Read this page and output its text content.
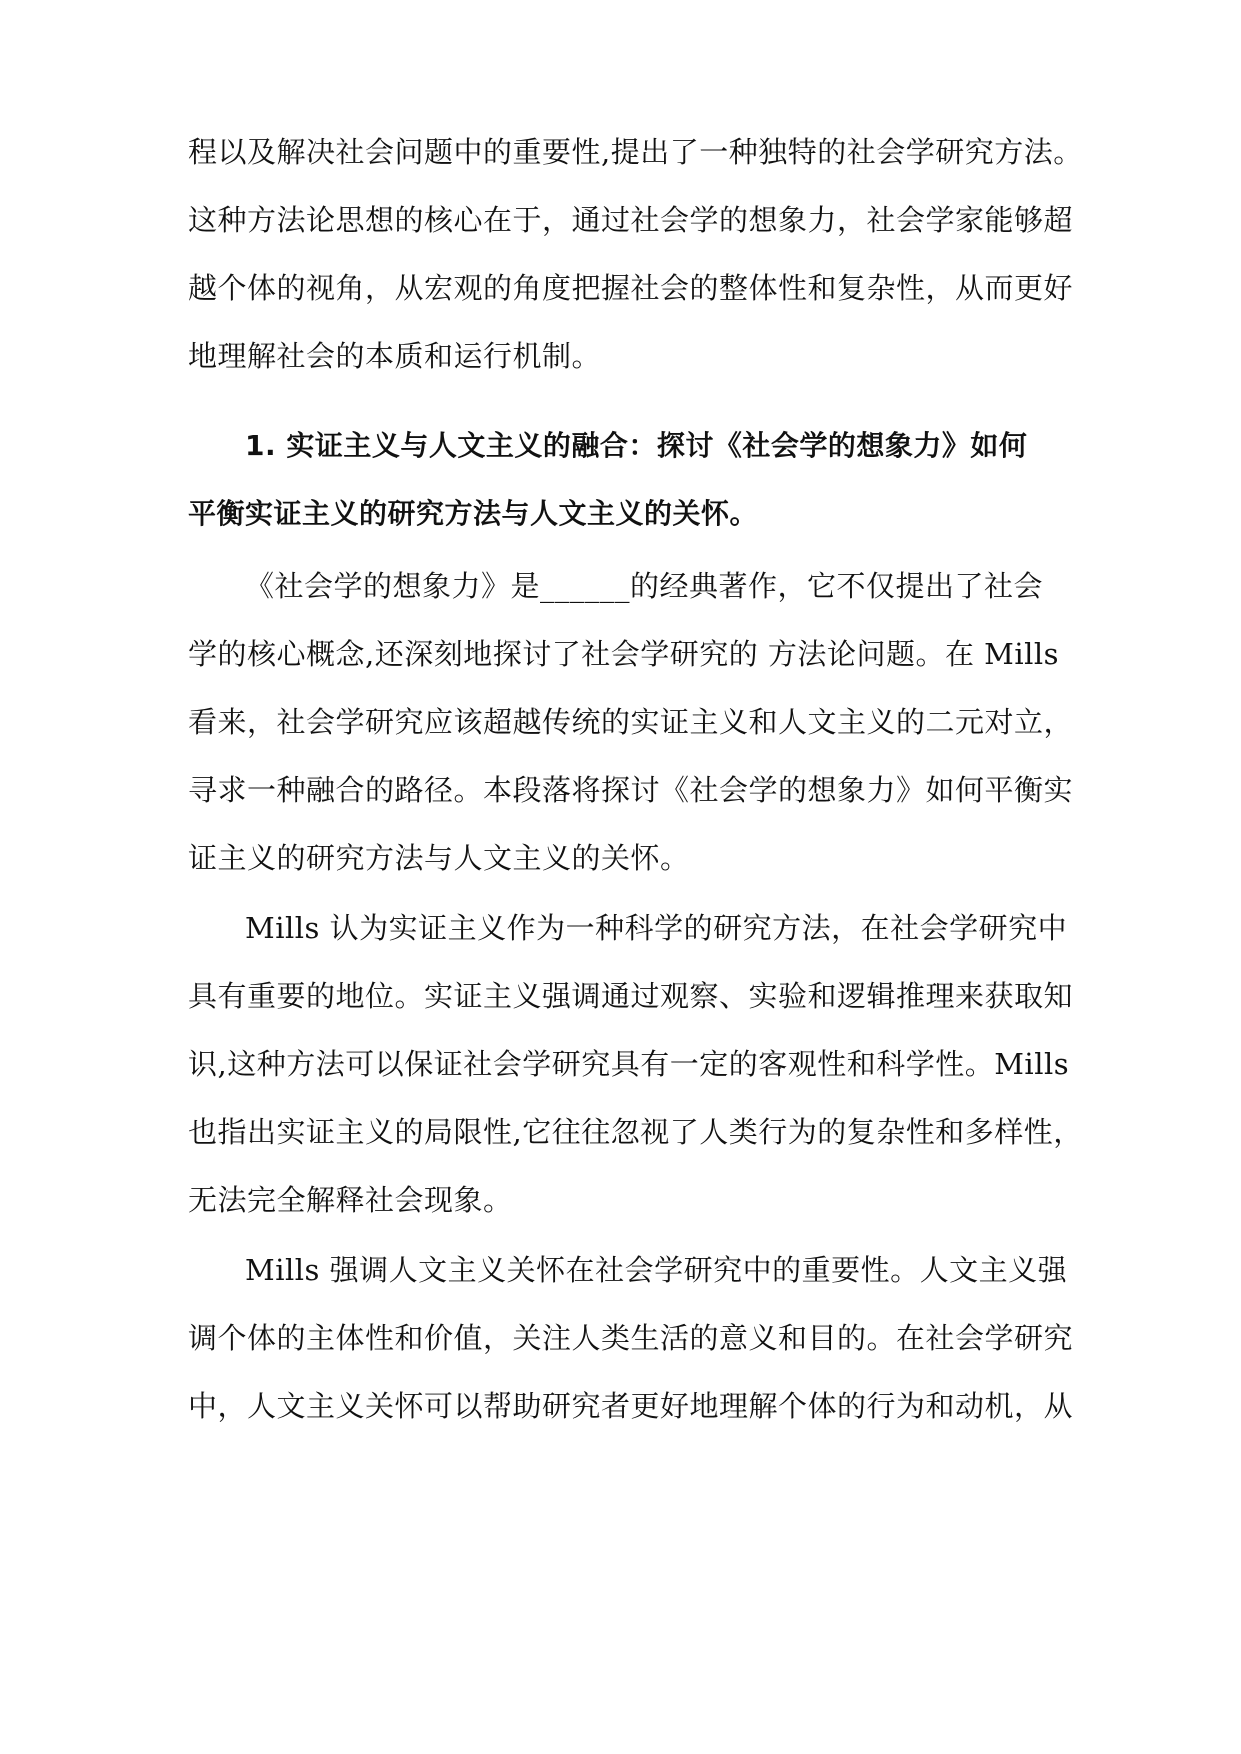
程以及解决社会问题中的重要性,提出了一种独特的社会学研究方法。
这种方法论思想的核心在于，通过社会学的想象力，社会学家能够超
越个体的视角，从宏观的角度把握社会的整体性和复杂性，从而更好
地理解社会的本质和运行机制。
1. 实证主义与人文主义的融合：探讨《社会学的想象力》如何
平衡实证主义的研究方法与人文主义的关怀。
《社会学的想象力》是______的经典著作，它不仅提出了社会
学的核心概念,还深刻地探讨了社会学研究的 方法论问题。在 Mills
看来，社会学研究应该超越传统的实证主义和人文主义的二元对立，
寻求一种融合的路径。本段落将探讨《社会学的想象力》如何平衡实
证主义的研究方法与人文主义的关怀。
Mills 认为实证主义作为一种科学的研究方法，在社会学研究中
具有重要的地位。实证主义强调通过观察、实验和逻辑推理来获取知
识,这种方法可以保证社会学研究具有一定的客观性和科学性。Mills
也指出实证主义的局限性,它往往忽视了人类行为的复杂性和多样性，
无法完全解释社会现象。
Mills 强调人文主义关怀在社会学研究中的重要性。人文主义强
调个体的主体性和价值，关注人类生活的意义和目的。在社会学研究
中，人文主义关怀可以帮助研究者更好地理解个体的行为和动机，从
